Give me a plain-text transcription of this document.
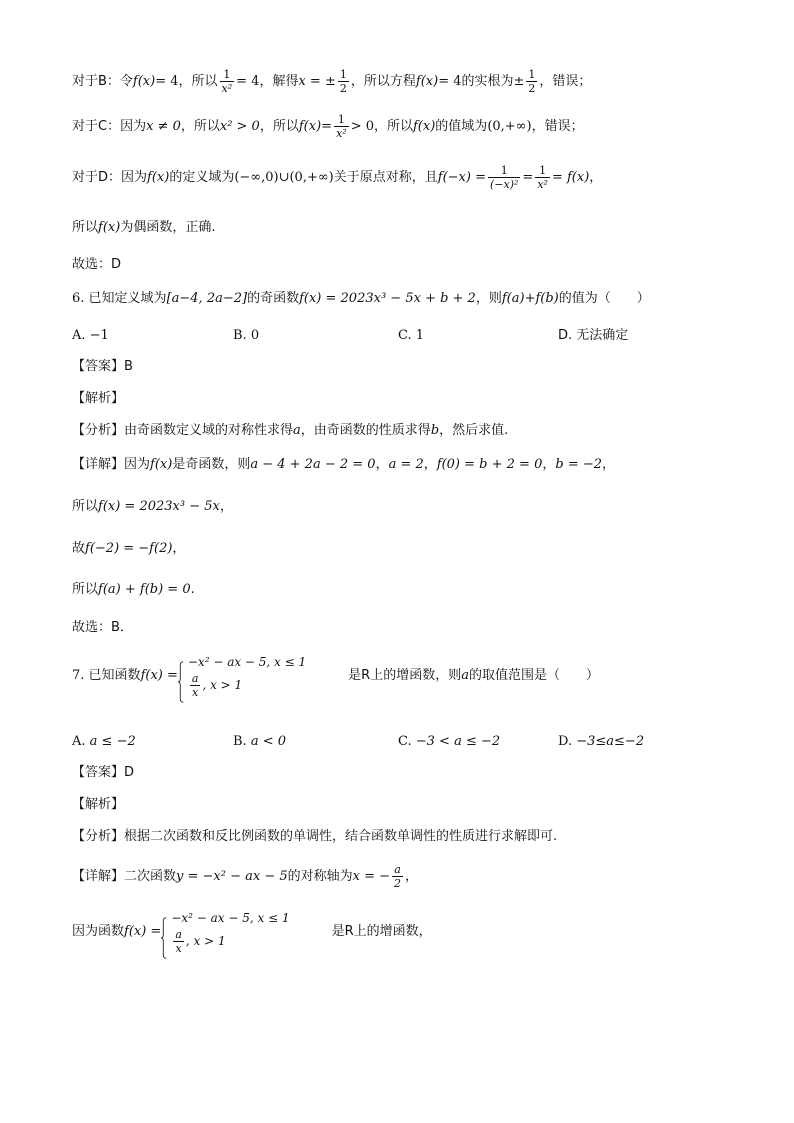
对于B：令f(x)= 4，所以 $\frac{1}{\text{x²}} = 4$，解得x = ± $\frac{1}{2}$ ，所以方程f(x)= 4的实根为± $\frac{1}{2}$ ，错误；
对于C：因为x ≠ 0，所以x² > 0，所以$f(x)= \frac{1}{\text{x²}} > 0$，所以f(x)的值域为(0,+∞)，错误；
对于D：因为f(x)的定义域为(−∞,0)∪(0,+∞)关于原点对称，且$f(-x) = \frac{1}{\text{(−x)²}} = \frac{1}{\text{x²}} = f(x)$，
所以f(x)为偶函数，正确.
故选：D
6. 已知定义域为[a−4, 2a−2]的奇函数f(x) = 2023x³ − 5x + b + 2，则f(a)+f(b)的值为（　　）
A. −1	B. 0	C. 1	D. 无法确定
【答案】B
【解析】
【分析】由奇函数定义域的对称性求得a，由奇函数的性质求得b，然后求值.
【详解】因为f(x)是奇函数，则a − 4 + 2a − 2 = 0，a = 2，f(0) = b + 2 = 0，b = −2，
所以f(x) = 2023x³ − 5x，
故f(−2) = −f(2)，
所以f(a) + f(b) = 0.
故选：B．
7. 已知函数f(x) =
−x² − ax − 5, x ≤ 1
$\frac{a}{x}$ , x > 1
是R上的增函数，则a的取值范围是（　　）
A. a ≤ −2	B. a < 0	C. −3 < a ≤ −2	D. −3≤a≤−2
【答案】D
【解析】
【分析】根据二次函数和反比例函数的单调性，结合函数单调性的性质进行求解即可.
【详解】二次函数y = −x² − ax − 5的对称轴为x = − $\frac{a}{2}$ ，
因为函数f(x) =
−x² − ax − 5, x ≤ 1
$\frac{a}{x}$ , x > 1
是R上的增函数，
